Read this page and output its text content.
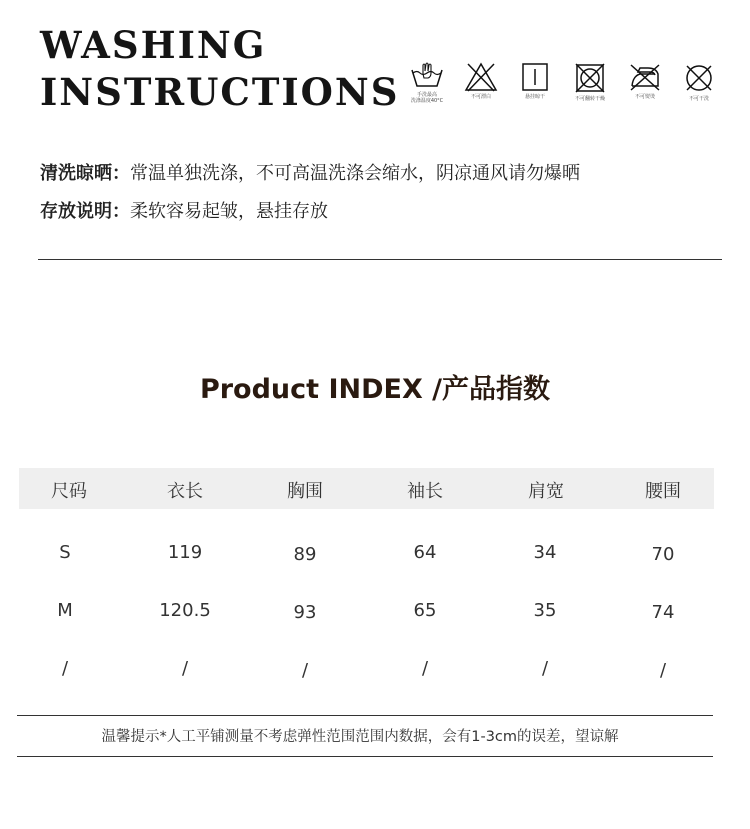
WASHING
INSTRUCTIONS	手洗最高
洗涤温度40°C
不可漂白	悬挂晾干	不可翻转干燥	不可熨烫	不可干洗

清洗晾晒：常温单独洗涤，不可高温洗涤会缩水，阴凉通风请勿爆晒

存放说明：柔软容易起皱，悬挂存放

Product INDEX /产品指数
尺码	衣长	胸围	袖长	肩宽	腰围
S	119	89	64	34	70
M	120.5	93	65	35	74
/	/	/	/	/	/

温馨提示*人工平铺测量不考虑弹性范围范围内数据，会有1-3cm的误差，望谅解
